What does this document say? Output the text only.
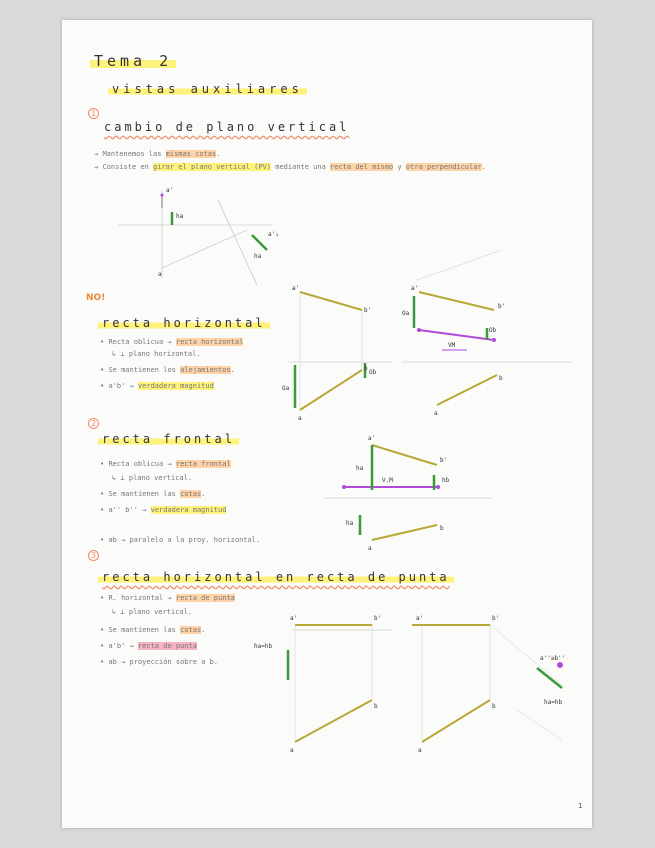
Tema 2
vistas auxiliares
1
cambio de plano vertical
→ Mantenemos las mismas cotas.
→ Consiste en girar el plano vertical (PV) mediante una recta del mismo y otra perpendicular.
NO!
recta horizontal
• Recta oblicua → recta horizontal
↳ ⊥ plano horizontal.
• Se mantienen los alejamientos.
• a'b' → verdadera magnitud
2
recta frontal
• Recta oblicua → recta frontal
↳ ⊥ plano vertical.
• Se mantienen las cotas.
• a'' b'' → verdadera magnitud
• ab → paralelo a la proy. horizontal.
3
recta horizontal en recta de punta
• R. horizontal → recta de punta
↳ ⊥ plano vertical.
• Se mantienen las cotas.
• a'b' → recta de punta
• ab → proyección sobre a b.
1
a'
ha
a
a'₁
ha
a'
b'
a
b
Oa
Ob
a'
b'
b
a
VM
Oa
Ob
a'
ha
V.M	hb
b'
a
b
ha
a'	b'
ha=hb
a
b
a'	b'
a
b
a''≡b''
ha=hb
